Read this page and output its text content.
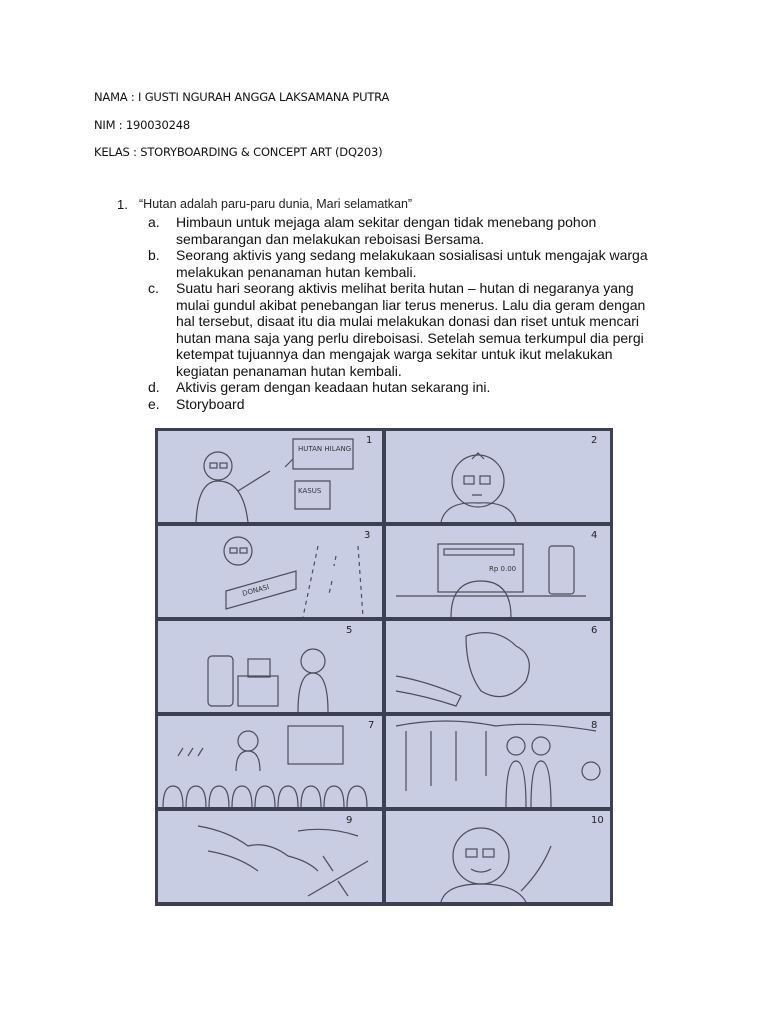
NAMA : I GUSTI NGURAH ANGGA LAKSAMANA PUTRA
NIM : 190030248
KELAS : STORYBOARDING & CONCEPT ART (DQ203)
1. “Hutan adalah paru-paru dunia, Mari selamatkan”
a. Himbaun untuk mejaga alam sekitar dengan tidak menebang pohon sembarangan dan melakukan reboisasi Bersama.
b. Seorang aktivis yang sedang melakukaan sosialisasi untuk mengajak warga melakukan penanaman hutan kembali.
c. Suatu hari seorang aktivis melihat berita hutan – hutan di negaranya yang mulai gundul akibat penebangan liar terus menerus. Lalu dia geram dengan hal tersebut, disaat itu dia mulai melakukan donasi dan riset untuk mencari hutan mana saja yang perlu direboisasi. Setelah semua terkumpul dia pergi ketempat tujuannya dan mengajak warga sekitar untuk ikut melakukan kegiatan penanaman hutan kembali.
d. Aktivis geram dengan keadaan hutan sekarang ini.
e. Storyboard
HUTAN HILANG
KASUS
1	2
DONASI
3
Rp 0.00
4
5	6
7	8
9	10
